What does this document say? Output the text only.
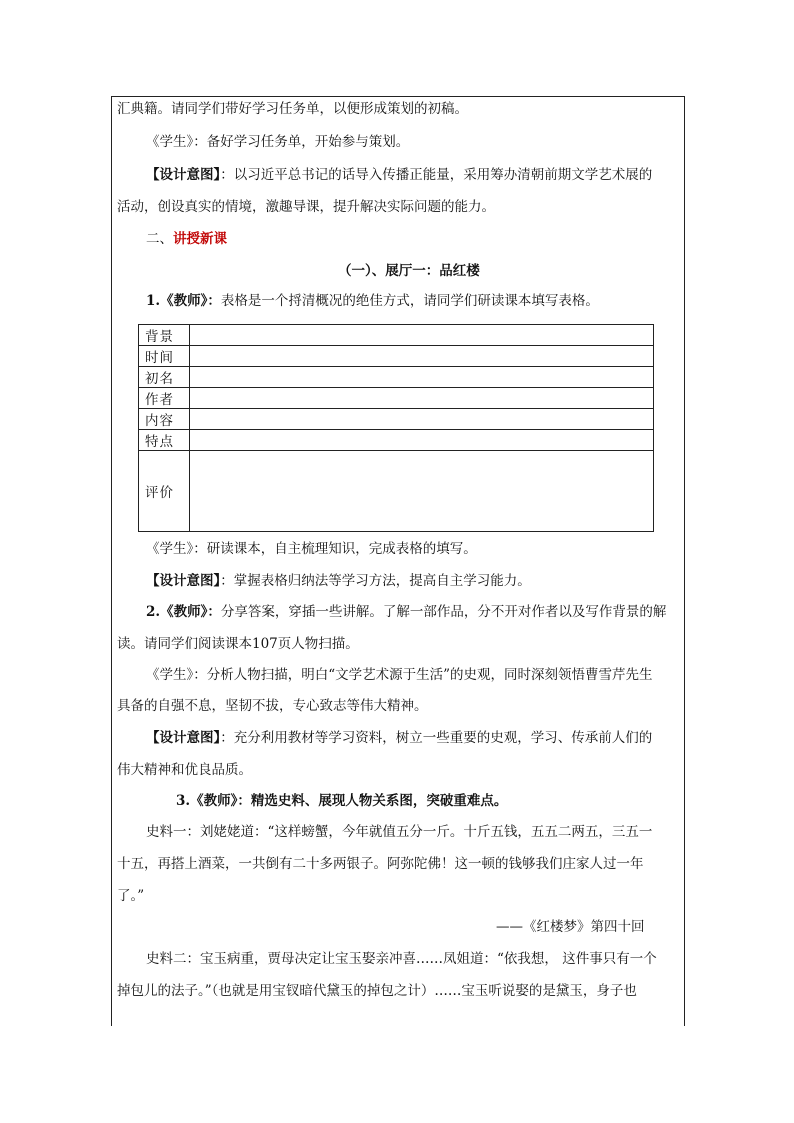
汇典籍。请同学们带好学习任务单，以便形成策划的初稿。
《学生》：备好学习任务单，开始参与策划。
【设计意图】：以习近平总书记的话导入传播正能量，采用筹办清朝前期文学艺术展的
活动，创设真实的情境，激趣导课，提升解决实际问题的能力。
二、讲授新课
（一）、展厅一：品红楼
1.《教师》：表格是一个捋清概况的绝佳方式，请同学们研读课本填写表格。
背景	
时间	
初名	
作者	
内容	
特点	
评价	
《学生》：研读课本，自主梳理知识，完成表格的填写。
【设计意图】：掌握表格归纳法等学习方法，提高自主学习能力。
2.《教师》：分享答案，穿插一些讲解。了解一部作品，分不开对作者以及写作背景的解
读。请同学们阅读课本107页人物扫描。
《学生》：分析人物扫描，明白“文学艺术源于生活”的史观，同时深刻领悟曹雪芹先生
具备的自强不息，坚韧不拔，专心致志等伟大精神。
【设计意图】：充分利用教材等学习资料，树立一些重要的史观，学习、传承前人们的
伟大精神和优良品质。
3.《教师》：精选史料、展现人物关系图，突破重难点。
史料一：刘姥姥道：“这样螃蟹，今年就值五分一斤。十斤五钱，五五二两五，三五一
十五，再搭上酒菜，一共倒有二十多两银子。阿弥陀佛！这一顿的钱够我们庄家人过一年
了。”
——《红楼梦》第四十回
史料二：宝玉病重，贾母决定让宝玉娶亲冲喜……凤姐道：“依我想， 这件事只有一个
掉包儿的法子。”（也就是用宝钗暗代黛玉的掉包之计）……宝玉听说娶的是黛玉，身子也
